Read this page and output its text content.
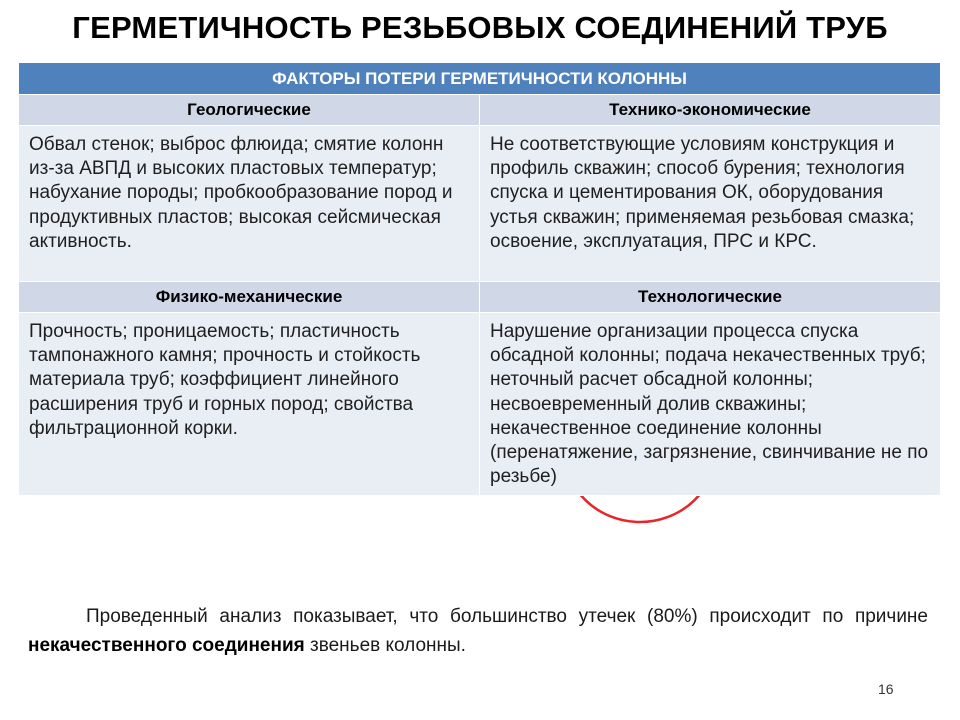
ГЕРМЕТИЧНОСТЬ РЕЗЬБОВЫХ СОЕДИНЕНИЙ ТРУБ
ФАКТОРЫ ПОТЕРИ ГЕРМЕТИЧНОСТИ КОЛОННЫ	
Геологические	Технико-экономические
Обвал стенок; выброс флюида; смятие колонн из-за АВПД и высоких пластовых температур; набухание породы; пробкообразование пород и продуктивных пластов; высокая сейсмическая активность.	Не соответствующие условиям конструкция и профиль скважин; способ бурения; технология спуска и цементирования ОК, оборудования устья скважин; применяемая резьбовая смазка; освоение, эксплуатация, ПРС и КРС.
Физико-механические	Технологические
Прочность; проницаемость; пластичность тампонажного камня; прочность и стойкость материала труб; коэффициент линейного расширения труб и горных пород; свойства фильтрационной корки.	Нарушение организации процесса спуска обсадной колонны; подача некачественных труб; неточный расчет обсадной колонны; несвоевременный долив скважины; некачественное соединение колонны (перенатяжение, загрязнение, свинчивание не по резьбе)
Проведенный анализ показывает, что большинство утечек (80%) происходит по причине некачественного соединения звеньев колонны.
16
